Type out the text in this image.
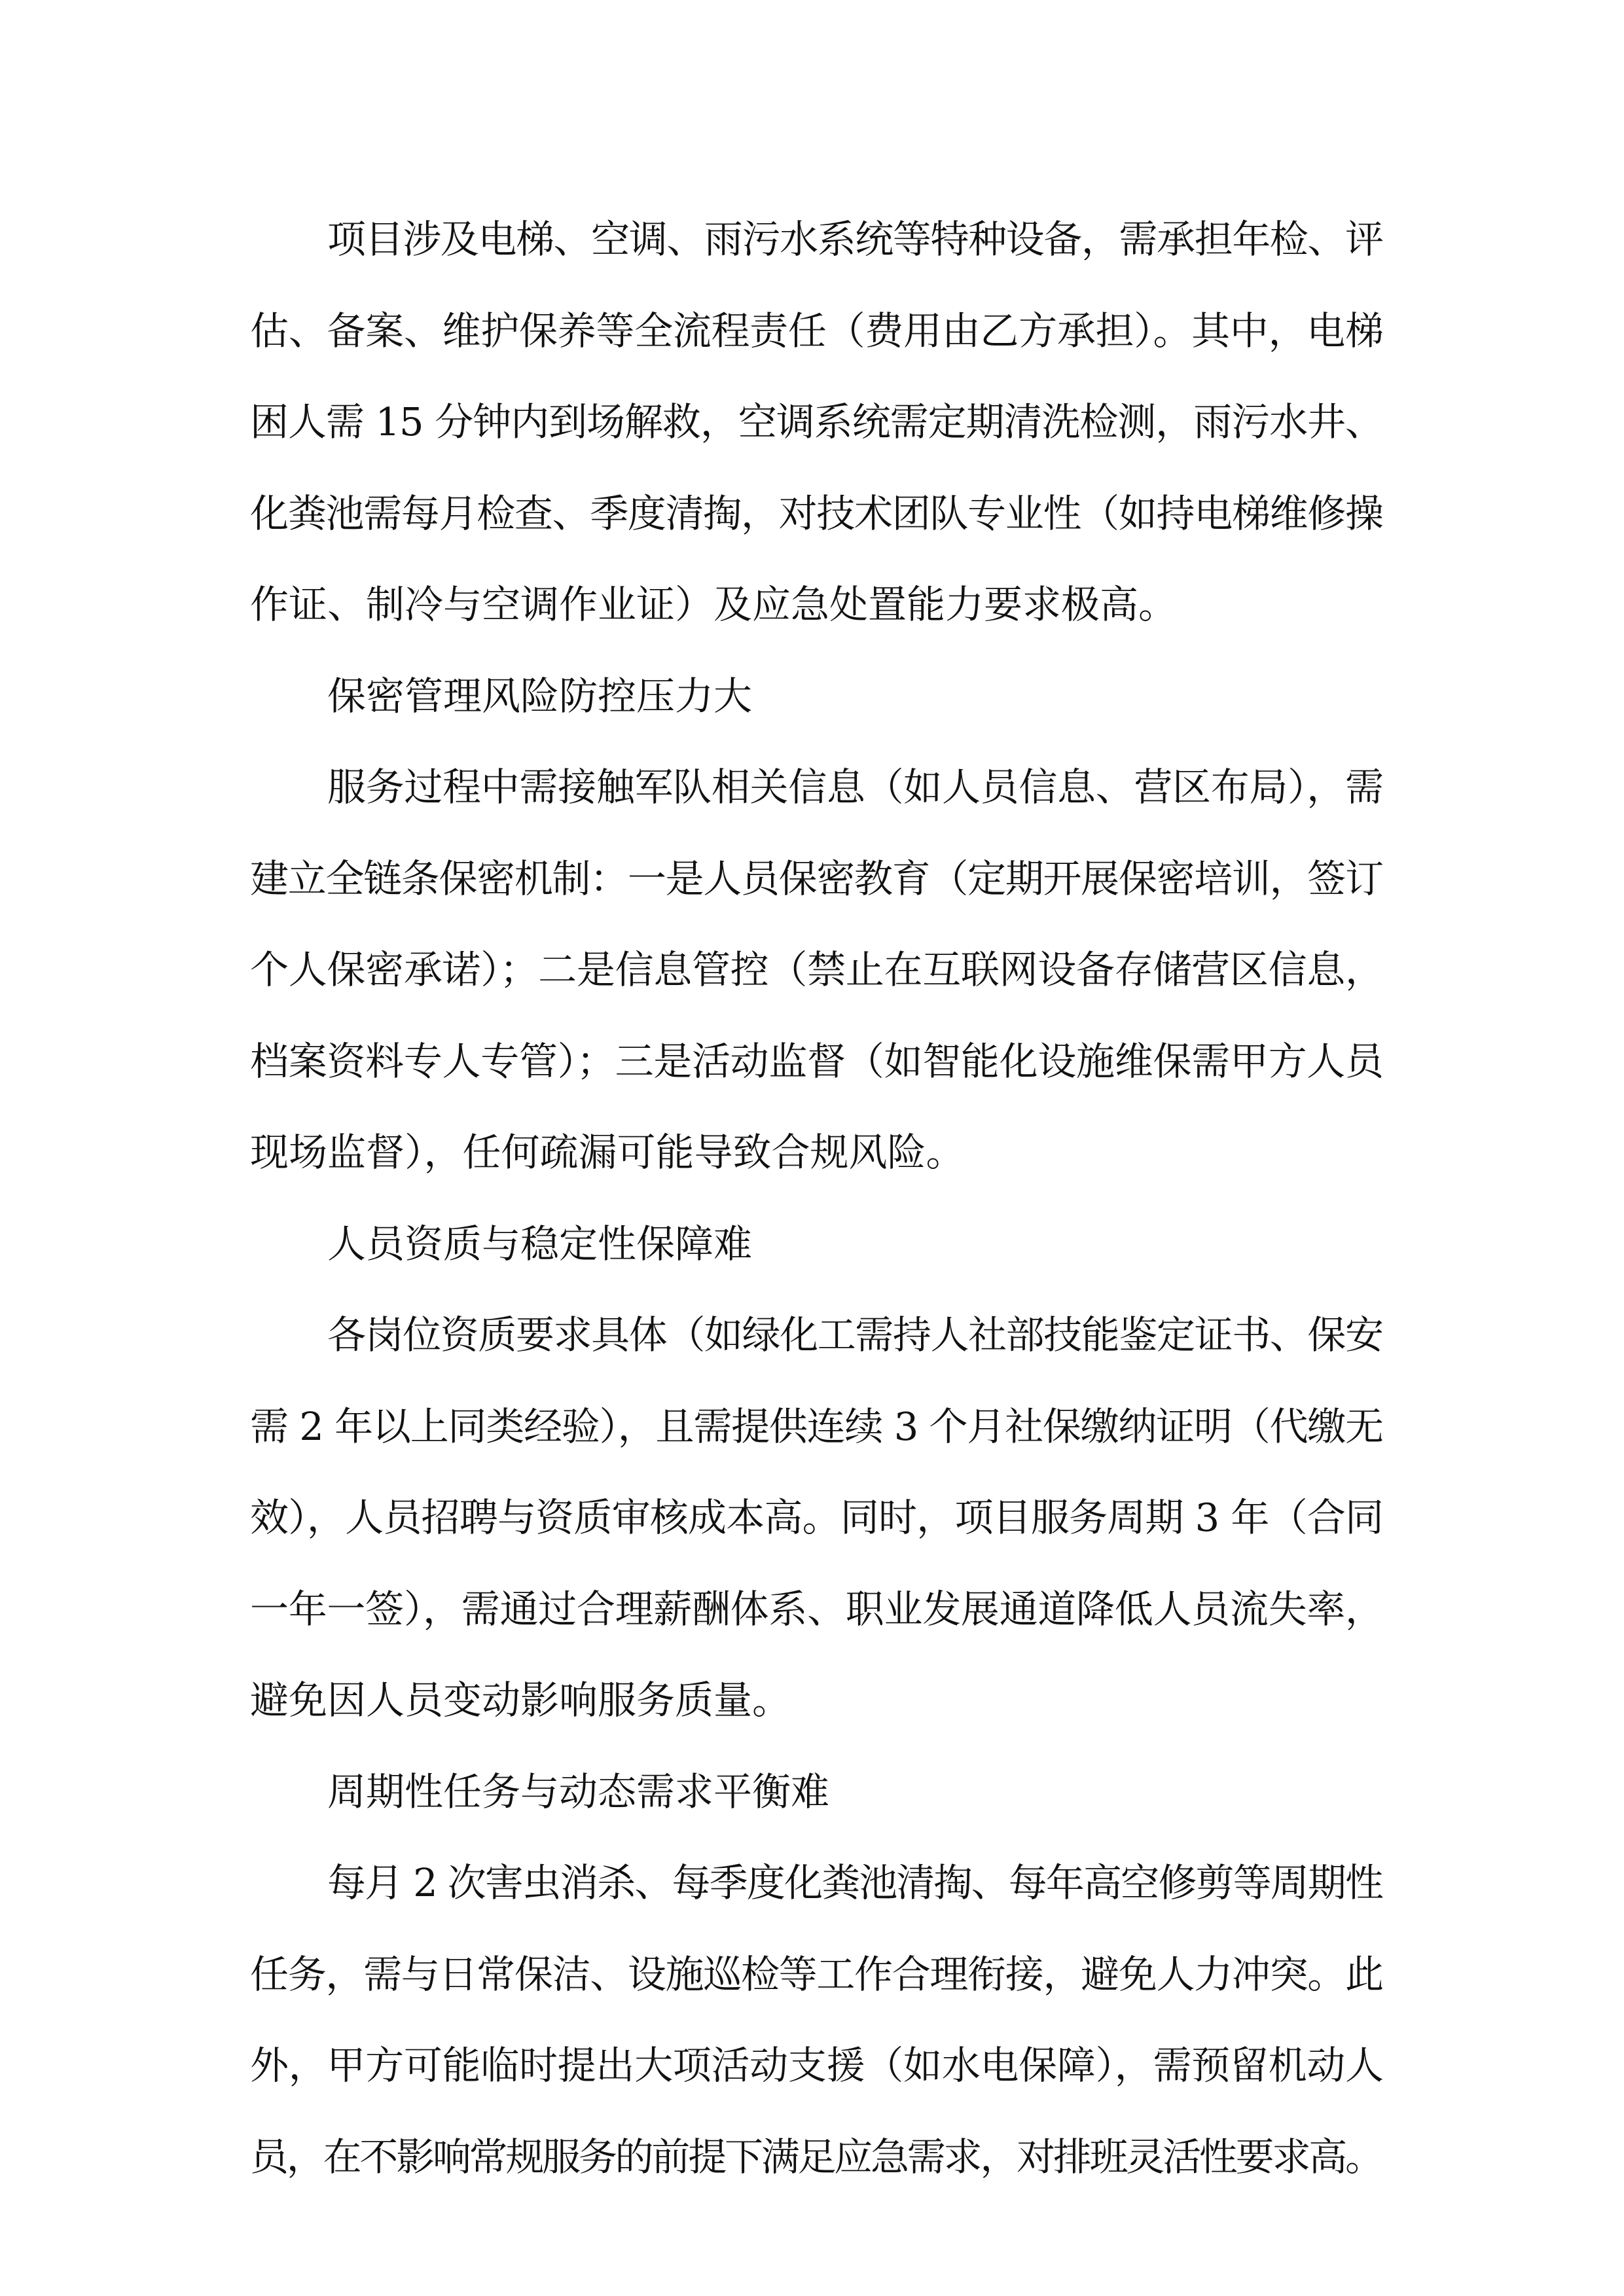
项目涉及电梯、空调、雨污水系统等特种设备，需承担年检、评
估、备案、维护保养等全流程责任（费用由乙方承担）。其中，电梯
困人需 15 分钟内到场解救，空调系统需定期清洗检测，雨污水井、
化粪池需每月检查、季度清掏，对技术团队专业性（如持电梯维修操
作证、制冷与空调作业证）及应急处置能力要求极高。
保密管理风险防控压力大
服务过程中需接触军队相关信息（如人员信息、营区布局），需
建立全链条保密机制：一是人员保密教育（定期开展保密培训，签订
个人保密承诺）；二是信息管控（禁止在互联网设备存储营区信息，
档案资料专人专管）；三是活动监督（如智能化设施维保需甲方人员
现场监督），任何疏漏可能导致合规风险。
人员资质与稳定性保障难
各岗位资质要求具体（如绿化工需持人社部技能鉴定证书、保安
需 2 年以上同类经验），且需提供连续 3 个月社保缴纳证明（代缴无
效），人员招聘与资质审核成本高。同时，项目服务周期 3 年（合同
一年一签），需通过合理薪酬体系、职业发展通道降低人员流失率，
避免因人员变动影响服务质量。
周期性任务与动态需求平衡难
每月 2 次害虫消杀、每季度化粪池清掏、每年高空修剪等周期性
任务，需与日常保洁、设施巡检等工作合理衔接，避免人力冲突。此
外，甲方可能临时提出大项活动支援（如水电保障），需预留机动人
员，在不影响常规服务的前提下满足应急需求，对排班灵活性要求高。
